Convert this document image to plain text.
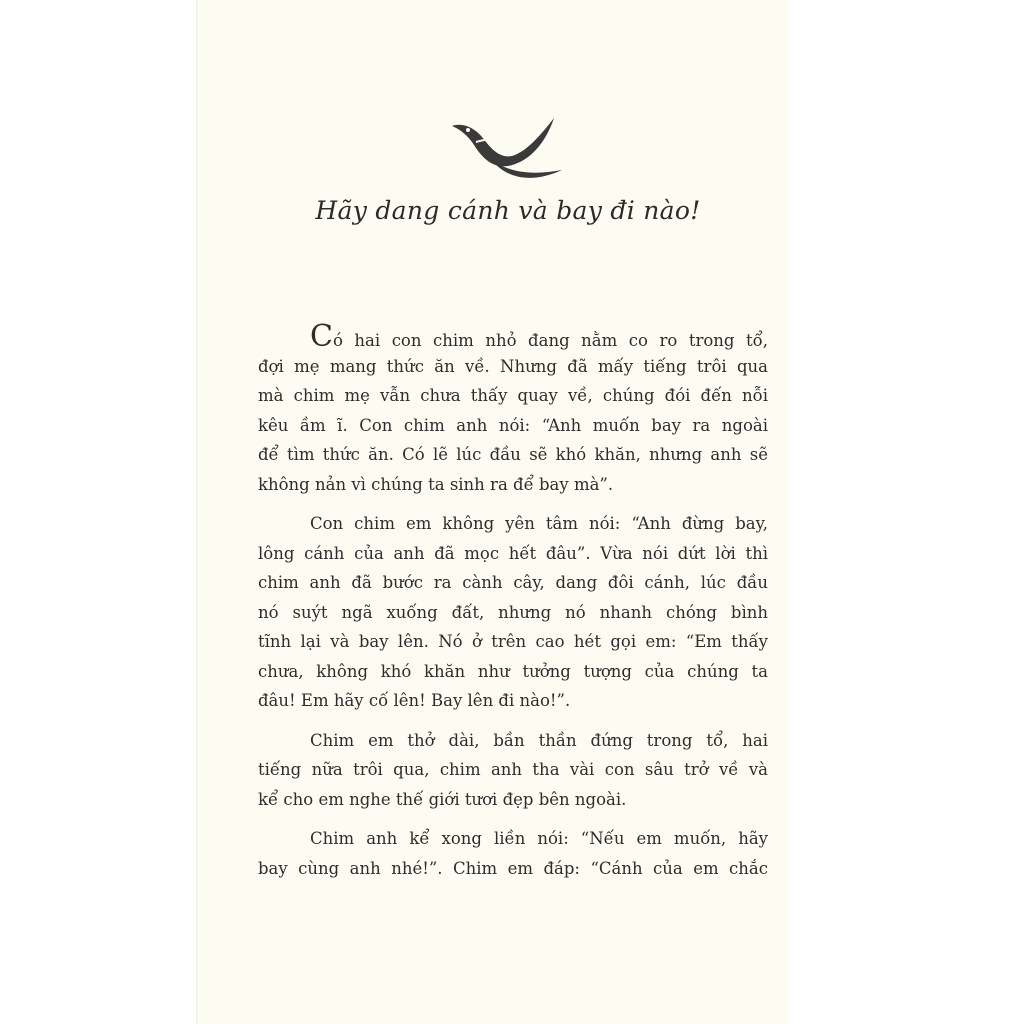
Hãy dang cánh và bay đi nào!
Có hai con chim nhỏ đang nằm co ro trong tổ,
đợi mẹ mang thức ăn về. Nhưng đã mấy tiếng trôi qua
mà chim mẹ vẫn chưa thấy quay về, chúng đói đến nỗi
kêu ầm ĩ. Con chim anh nói: “Anh muốn bay ra ngoài
để tìm thức ăn. Có lẽ lúc đầu sẽ khó khăn, nhưng anh sẽ
không nản vì chúng ta sinh ra để bay mà”.
Con chim em không yên tâm nói: “Anh đừng bay,
lông cánh của anh đã mọc hết đâu”. Vừa nói dứt lời thì
chim anh đã bước ra cành cây, dang đôi cánh, lúc đầu
nó suýt ngã xuống đất, nhưng nó nhanh chóng bình
tĩnh lại và bay lên. Nó ở trên cao hét gọi em: “Em thấy
chưa, không khó khăn như tưởng tượng của chúng ta
đâu! Em hãy cố lên! Bay lên đi nào!”.
Chim em thở dài, bần thần đứng trong tổ, hai
tiếng nữa trôi qua, chim anh tha vài con sâu trở về và
kể cho em nghe thế giới tươi đẹp bên ngoài.
Chim anh kể xong liền nói: “Nếu em muốn, hãy
bay cùng anh nhé!”. Chim em đáp: “Cánh của em chắc
